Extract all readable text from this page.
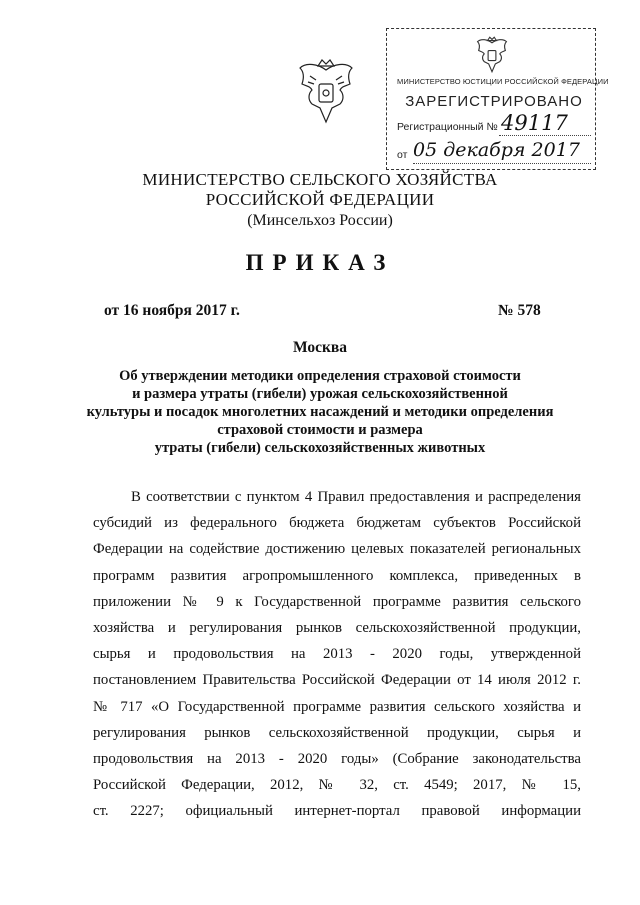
МИНИСТЕРСТВО ЮСТИЦИИ РОССИЙСКОЙ ФЕДЕРАЦИИ
ЗАРЕГИСТРИРОВАНО
Регистрационный № 49117
от 05 декабря 2017
МИНИСТЕРСТВО СЕЛЬСКОГО ХОЗЯЙСТВА
РОССИЙСКОЙ ФЕДЕРАЦИИ
(Минсельхоз России)
ПРИКАЗ
от 16 ноября 2017 г.	№ 578
Москва
Об утверждении методики определения страховой стоимости
и размера утраты (гибели) урожая сельскохозяйственной
культуры и посадок многолетних насаждений и методики определения
страховой стоимости и размера
утраты (гибели) сельскохозяйственных животных
В соответствии с пунктом 4 Правил предоставления и распределения
субсидий из федерального бюджета бюджетам субъектов Российской
Федерации на содействие достижению целевых показателей региональных
программ развития агропромышленного комплекса, приведенных в
приложении № 9 к Государственной программе развития сельского
хозяйства и регулирования рынков сельскохозяйственной продукции,
сырья и продовольствия на 2013 - 2020 годы, утвержденной
постановлением Правительства Российской Федерации от 14 июля 2012 г.
№ 717 «О Государственной программе развития сельского хозяйства и
регулирования рынков сельскохозяйственной продукции, сырья и
продовольствия на 2013 - 2020 годы» (Собрание законодательства
Российской Федерации, 2012, № 32, ст. 4549; 2017, № 15,
ст. 2227; официальный интернет-портал правовой информации
